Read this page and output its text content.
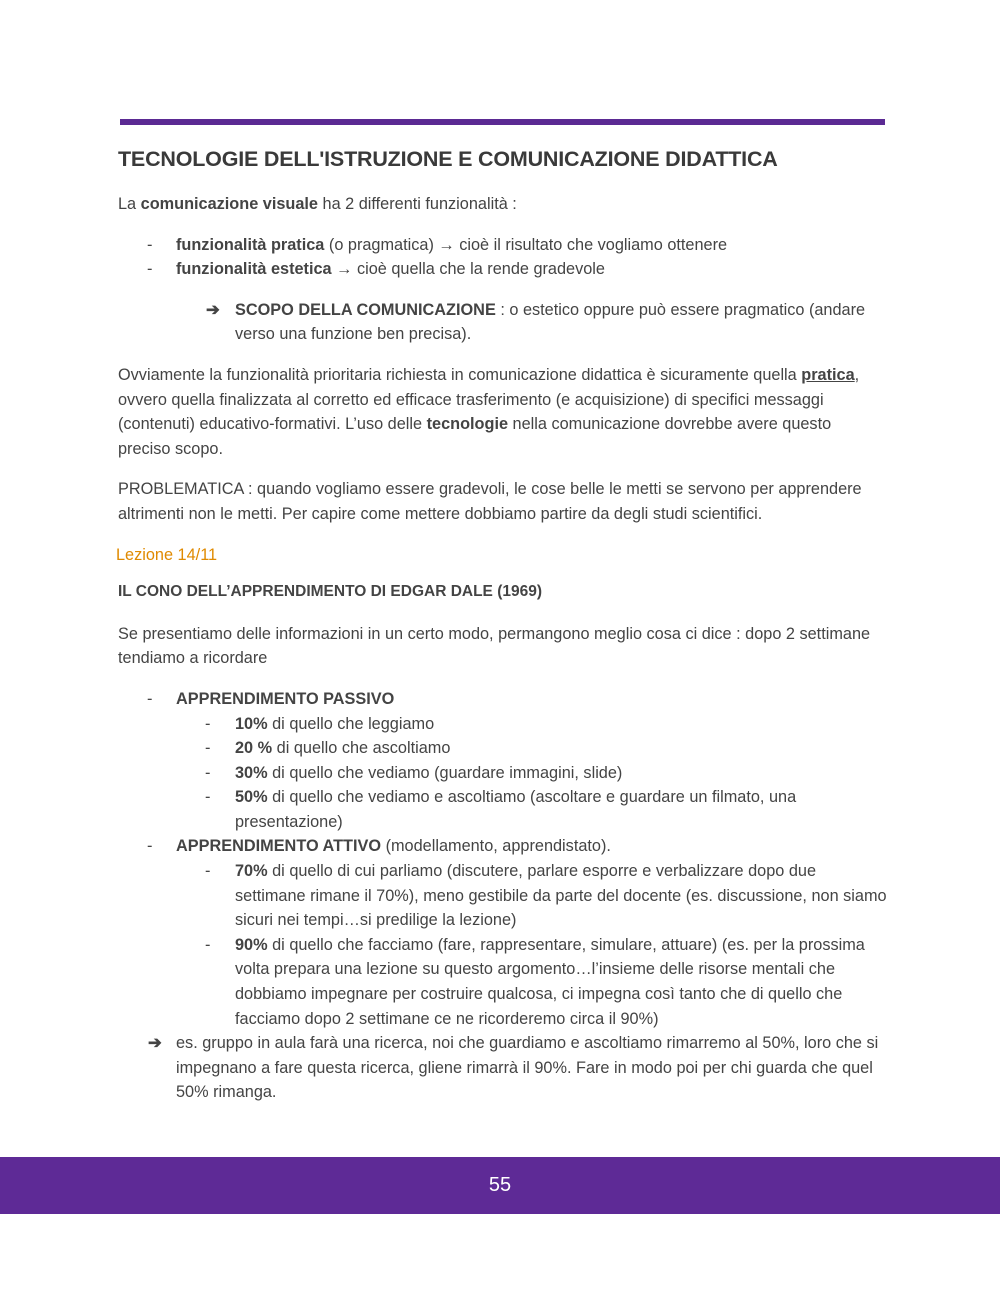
TECNOLOGIE DELL'ISTRUZIONE E COMUNICAZIONE DIDATTICA

La comunicazione visuale ha 2 differenti funzionalità :

- funzionalità pratica (o pragmatica) → cioè il risultato che vogliamo ottenere
- funzionalità estetica → cioè quella che la rende gradevole
➔ SCOPO DELLA COMUNICAZIONE : o estetico oppure può essere pragmatico (andare verso una funzione ben precisa).

Ovviamente la funzionalità prioritaria richiesta in comunicazione didattica è sicuramente quella pratica, ovvero quella finalizzata al corretto ed efficace trasferimento (e acquisizione) di specifici messaggi (contenuti) educativo-formativi. L’uso delle tecnologie nella comunicazione dovrebbe avere questo preciso scopo.

PROBLEMATICA : quando vogliamo essere gradevoli, le cose belle le metti se servono per apprendere altrimenti non le metti. Per capire come mettere dobbiamo partire da degli studi scientifici.

Lezione 14/11

IL CONO DELL’APPRENDIMENTO DI EDGAR DALE (1969)

Se presentiamo delle informazioni in un certo modo, permangono meglio cosa ci dice : dopo 2 settimane tendiamo a ricordare

- APPRENDIMENTO PASSIVO
- 10% di quello che leggiamo
- 20 % di quello che ascoltiamo
- 30% di quello che vediamo (guardare immagini, slide)
- 50% di quello che vediamo e ascoltiamo (ascoltare e guardare un filmato, una presentazione)
- APPRENDIMENTO ATTIVO (modellamento, apprendistato).
- 70% di quello di cui parliamo (discutere, parlare esporre e verbalizzare dopo due settimane rimane il 70%), meno gestibile da parte del docente (es. discussione, non siamo sicuri nei tempi…si predilige la lezione)
- 90% di quello che facciamo (fare, rappresentare, simulare, attuare) (es. per la prossima volta prepara una lezione su questo argomento…l’insieme delle risorse mentali che dobbiamo impegnare per costruire qualcosa, ci impegna così tanto che di quello che facciamo dopo 2 settimane ce ne ricorderemo circa il 90%)
➔ es. gruppo in aula farà una ricerca, noi che guardiamo e ascoltiamo rimarremo al 50%, loro che si impegnano a fare questa ricerca, gliene rimarrà il 90%. Fare in modo poi per chi guarda che quel 50% rimanga.
55
